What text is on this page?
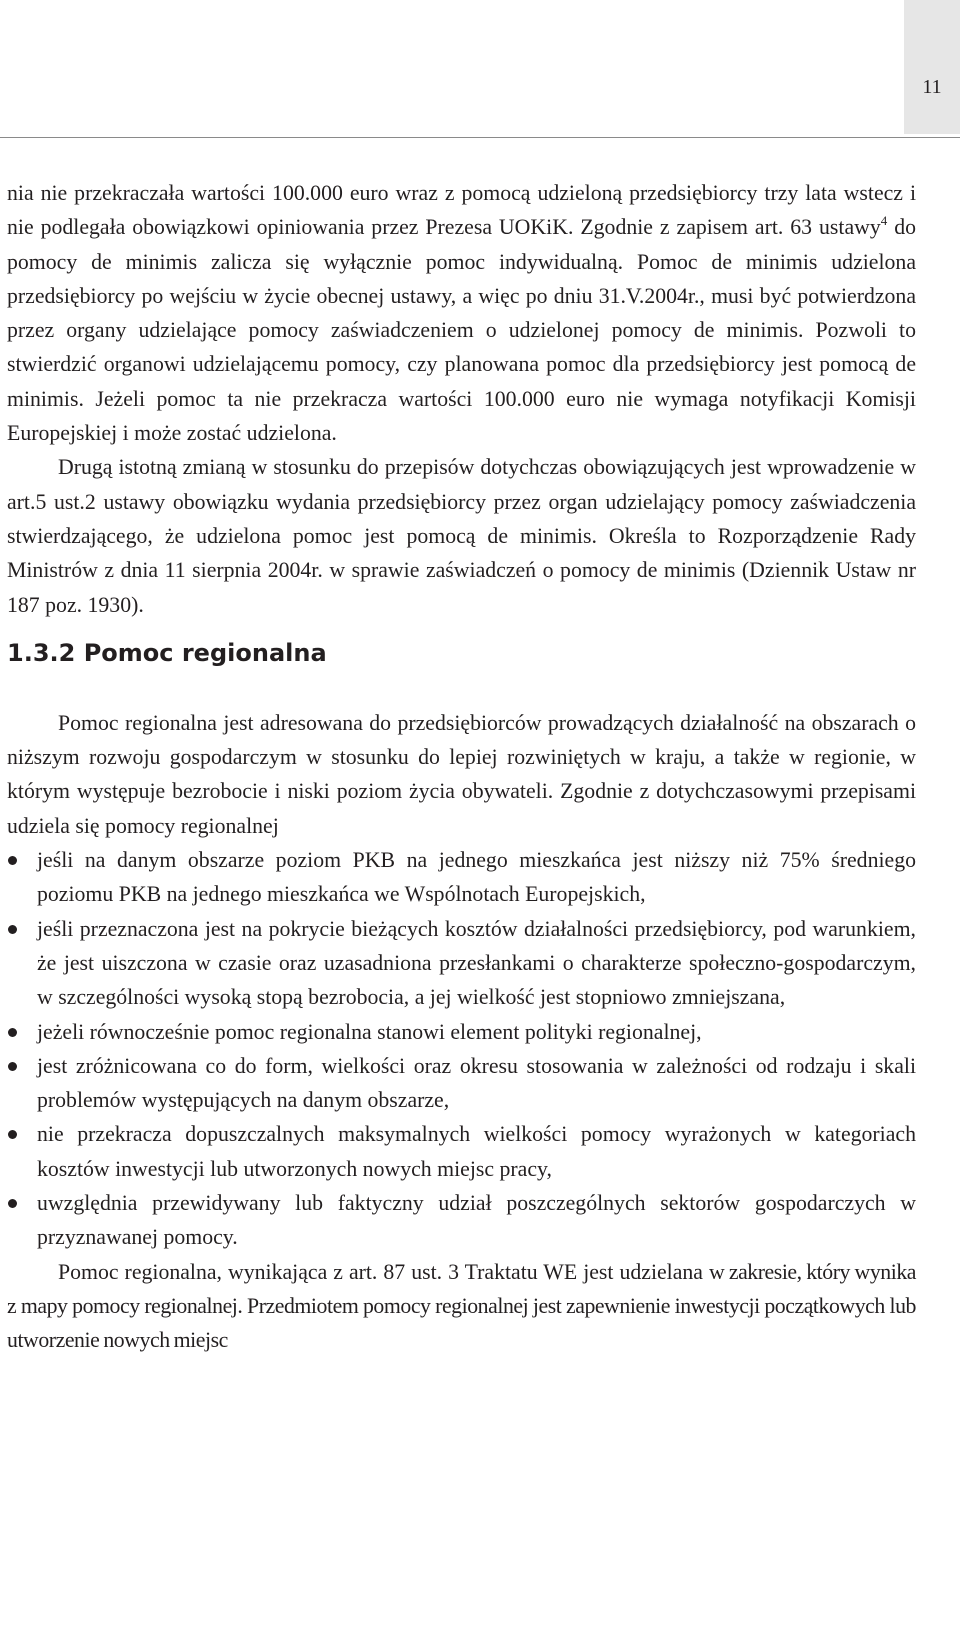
11

nia nie przekraczała wartości 100.000 euro wraz z pomocą udzieloną przedsiębiorcy trzy lata wstecz i nie podlegała obowiązkowi opiniowania przez Prezesa UOKiK. Zgodnie z zapisem art. 63 ustawy$^4$ do pomocy de minimis zalicza się wyłącznie pomoc indywidualną. Pomoc de minimis udzielona przedsiębiorcy po wejściu w życie obecnej ustawy, a więc po dniu 31.V.2004r., musi być potwierdzona przez organy udzielające pomocy zaświadczeniem o udzielonej pomocy de minimis. Pozwoli to stwierdzić organowi udzielającemu pomocy, czy planowana pomoc dla przedsiębiorcy jest pomocą de minimis. Jeżeli pomoc ta nie przekracza wartości 100.000 euro nie wymaga notyfikacji Komisji Europejskiej i może zostać udzielona.

Drugą istotną zmianą w stosunku do przepisów dotychczas obowiązujących jest wprowadzenie w art.5 ust.2 ustawy obowiązku wydania przedsiębiorcy przez organ udzielający pomocy zaświadczenia stwierdzającego, że udzielona pomoc jest pomocą de minimis. Określa to Rozporządzenie Rady Ministrów z dnia 11 sierpnia 2004r. w sprawie zaświadczeń o pomocy de minimis (Dziennik Ustaw nr 187 poz. 1930).

1.3.2 Pomoc regionalna

Pomoc regionalna jest adresowana do przedsiębiorców prowadzących działalność na obszarach o niższym rozwoju gospodarczym w stosunku do lepiej rozwiniętych w kraju, a także w regionie, w którym występuje bezrobocie i niski poziom życia obywateli. Zgodnie z dotychczasowymi przepisami udziela się pomocy regionalnej

jeśli na danym obszarze poziom PKB na jednego mieszkańca jest niższy niż 75% średniego poziomu PKB na jednego mieszkańca we Wspólnotach Europejskich,
jeśli przeznaczona jest na pokrycie bieżących kosztów działalności przedsiębiorcy, pod warunkiem, że jest uiszczona w czasie oraz uzasadniona przesłankami o charakterze społeczno-gospodarczym, w szczególności wysoką stopą bezrobocia, a jej wielkość jest stopniowo zmniejszana,
jeżeli równocześnie pomoc regionalna stanowi element polityki regionalnej,
jest zróżnicowana co do form, wielkości oraz okresu stosowania w zależności od rodzaju i skali problemów występujących na danym obszarze,
nie przekracza dopuszczalnych maksymalnych wielkości pomocy wyrażonych w kategoriach kosztów inwestycji lub utworzonych nowych miejsc pracy,
uwzględnia przewidywany lub faktyczny udział poszczególnych sektorów gospodarczych w przyznawanej pomocy.

Pomoc regionalna, wynikająca z art. 87 ust. 3 Traktatu WE jest udzielana w zakresie, który wynika z mapy pomocy regionalnej. Przedmiotem pomocy regionalnej jest zapewnienie inwestycji początkowych lub utworzenie nowych miejsc
